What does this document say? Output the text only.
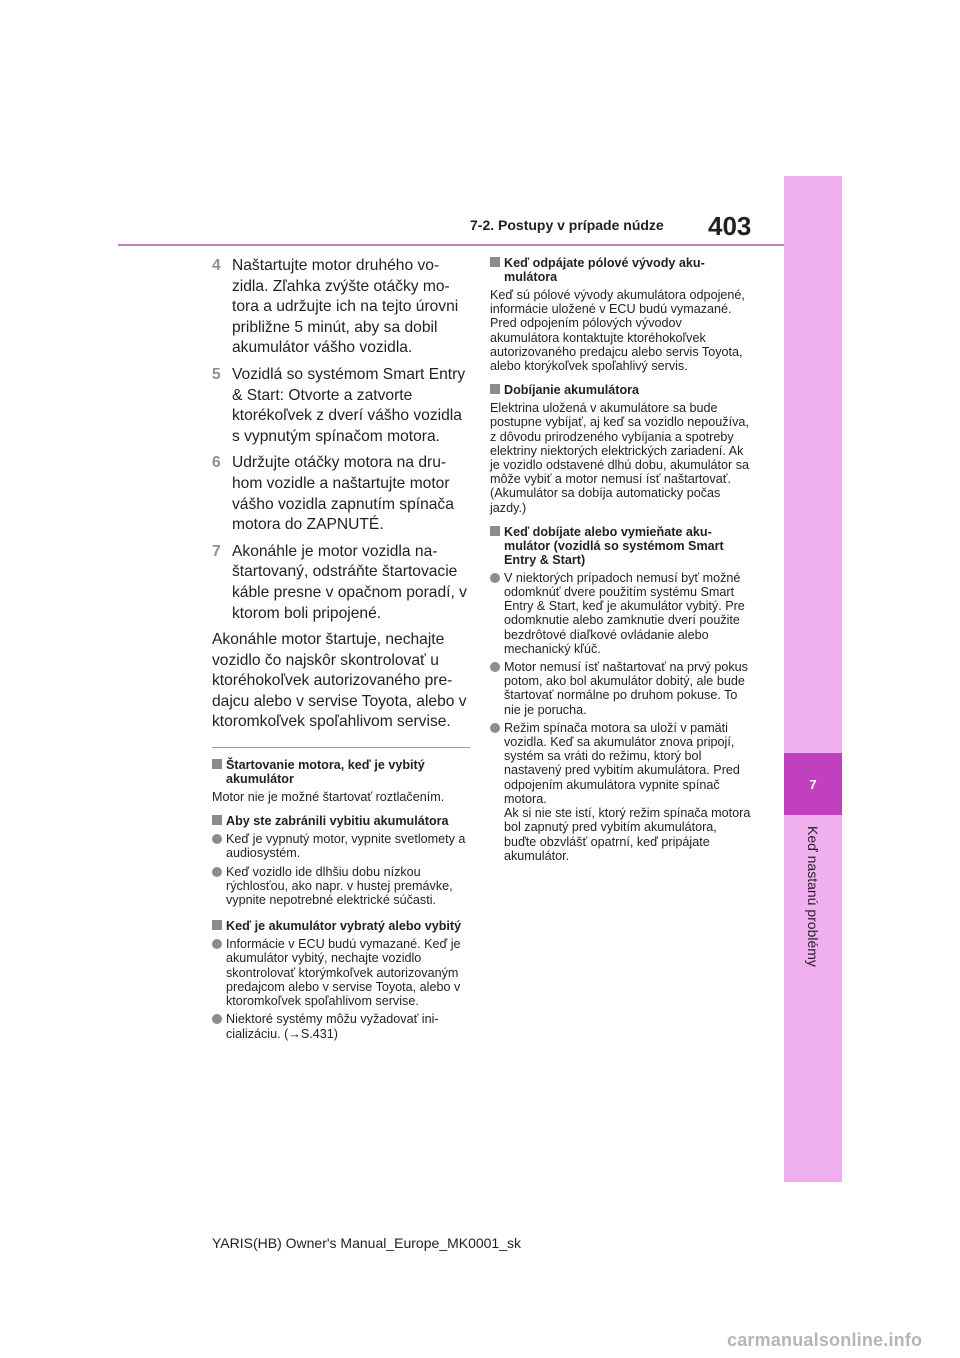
7
Keď nastanú problémy
7-2. Postupy v prípade núdze 403
4 Naštartujte motor druhého vozidla. Zľahka zvýšte otáčky motora a udržujte ich na tejto úrovni približne 5 minút, aby sa dobil akumulátor vášho vozidla.
5 Vozidlá so systémom Smart Entry & Start: Otvorte a zatvorte ktorékoľvek z dverí vášho vozidla s vypnutým spínačom motora.
6 Udržujte otáčky motora na druhom vozidle a naštartujte motor vášho vozidla zapnutím spínača motora do ZAPNUTÉ.
7 Akonáhle je motor vozidla naštartovaný, odstráňte štartovacie káble presne v opačnom poradí, v ktorom boli pripojené.

Akonáhle motor štartuje, nechajte vozidlo čo najskôr skontrolovať u ktoréhokoľvek autorizovaného predajcu alebo v servise Toyota, alebo v ktoromkoľvek spoľahlivom servise.

Štartovanie motora, keď je vybitý akumulátor

Motor nie je možné štartovať roztlačením.

Aby ste zabránili vybitiu akumulátora
Keď je vypnutý motor, vypnite svetlomety a audiosystém.
Keď vozidlo ide dlhšiu dobu nízkou rýchlosťou, ako napr. v hustej premávke, vypnite nepotrebné elektrické súčasti.
Keď je akumulátor vybratý alebo vybitý
Informácie v ECU budú vymazané. Keď je akumulátor vybitý, nechajte vozidlo skontrolovať ktorýmkoľvek autorizovaným predajcom alebo v servise Toyota, alebo v ktoromkoľvek spoľahlivom servise.
Niektoré systémy môžu vyžadovať inicializáciu. (→S.431)
Keď odpájate pólové vývody akumulátora

Keď sú pólové vývody akumulátora odpojené, informácie uložené v ECU budú vymazané. Pred odpojením pólových vývodov akumulátora kontaktujte ktoréhokoľvek autorizovaného predajcu alebo servis Toyota, alebo ktorýkoľvek spoľahlivý servis.

Dobíjanie akumulátora

Elektrina uložená v akumulátore sa bude postupne vybíjať, aj keď sa vozidlo nepoužíva, z dôvodu prirodzeného vybíjania a spotreby elektriny niektorých elektrických zariadení. Ak je vozidlo odstavené dlhú dobu, akumulátor sa môže vybiť a motor nemusí ísť naštartovať. (Akumulátor sa dobíja automaticky počas jazdy.)

Keď dobíjate alebo vymieňate akumulátor (vozidlá so systémom Smart Entry & Start)
V niektorých prípadoch nemusí byť možné odomknúť dvere použitím systému Smart Entry & Start, keď je akumulátor vybitý. Pre odomknutie alebo zamknutie dverí použite bezdrôtové diaľkové ovládanie alebo mechanický kľúč.
Motor nemusí ísť naštartovať na prvý pokus potom, ako bol akumulátor dobitý, ale bude štartovať normálne po druhom pokuse. To nie je porucha.
Režim spínača motora sa uloží v pamäti vozidla. Keď sa akumulátor znova pripojí, systém sa vráti do režimu, ktorý bol nastavený pred vybitím akumulátora. Pred odpojením akumulátora vypnite spínač motora.
Ak si nie ste istí, ktorý režim spínača motora bol zapnutý pred vybitím akumulátora, buďte obzvlášť opatrní, keď pripájate akumulátor.
YARIS(HB) Owner's Manual_Europe_MK0001_sk
carmanualsonline.info
